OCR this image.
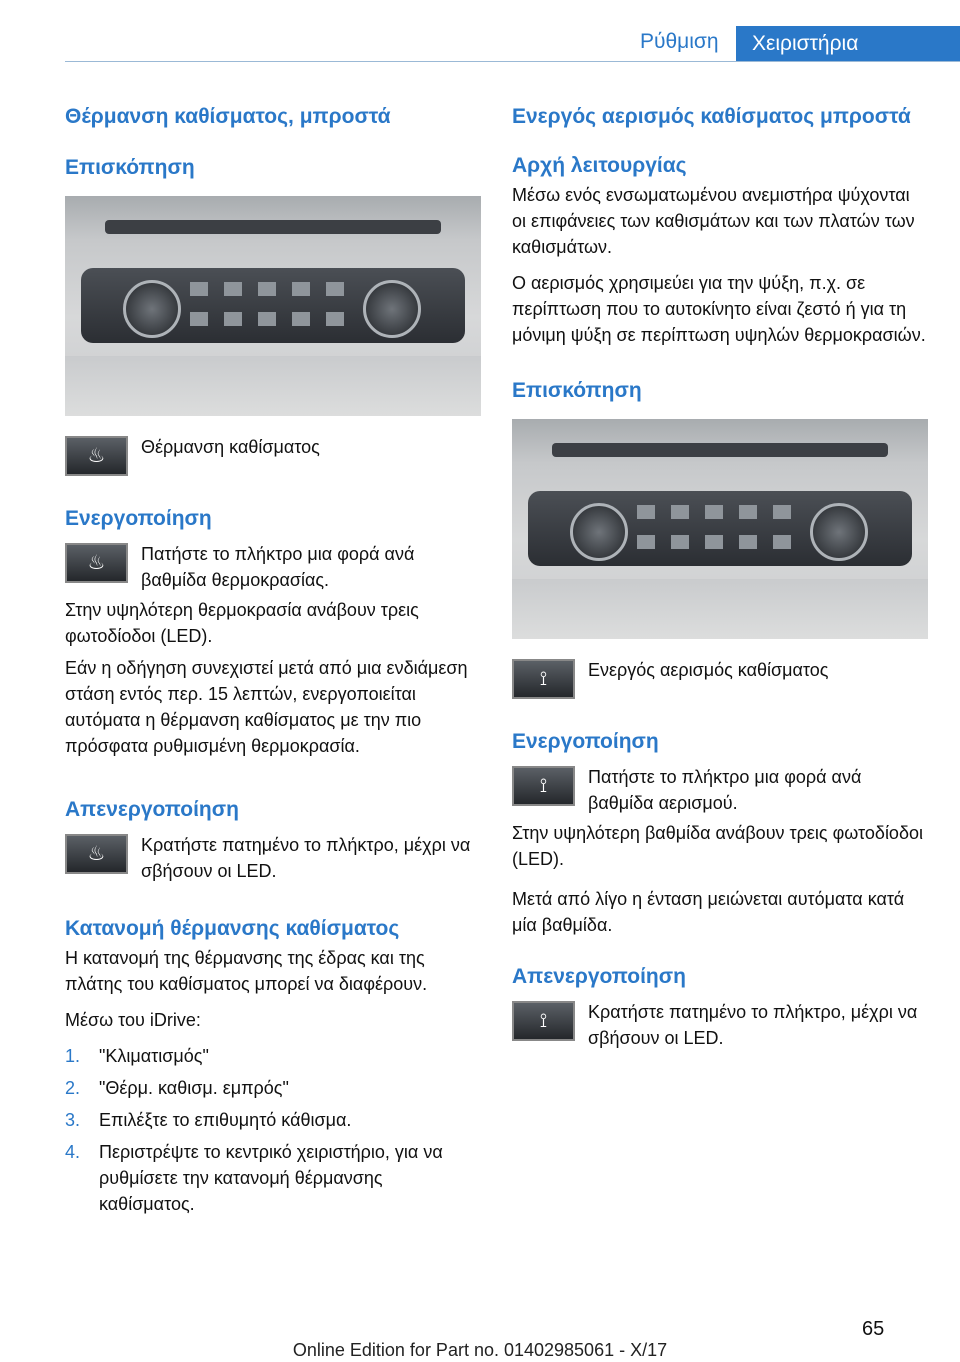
Ρύθμιση	Χειριστήρια
Θέρμανση καθίσματος, μπροστά
Επισκόπηση
♨	Θέρμανση καθίσματος
Ενεργοποίηση
♨	Πατήστε το πλήκτρο μια φορά ανά βαθμίδα θερμοκρασίας.

Στην υψηλότερη θερμοκρασία ανάβουν τρεις φωτοδίοδοι (LED).

Εάν η οδήγηση συνεχιστεί μετά από μια ενδιάμεση στάση εντός περ. 15 λεπτών, ενεργοποιείται αυτόματα η θέρμανση καθίσματος με την πιο πρόσφατα ρυθμισμένη θερμοκρασία.

Απενεργοποίηση
♨	Κρατήστε πατημένο το πλήκτρο, μέχρι να σβήσουν οι LED.
Κατανομή θέρμανσης καθίσματος

Η κατανομή της θέρμανσης της έδρας και της πλάτης του καθίσματος μπορεί να διαφέρουν.

Μέσω του iDrive:

1. "Κλιματισμός"
2. "Θέρμ. καθισμ. εμπρός"
3. Επιλέξτε το επιθυμητό κάθισμα.
4. Περιστρέψτε το κεντρικό χειριστήριο, για να ρυθμίσετε την κατανομή θέρμανσης καθίσματος.
Ενεργός αερισμός καθίσματος μπροστά
Αρχή λειτουργίας

Μέσω ενός ενσωματωμένου ανεμιστήρα ψύχονται οι επιφάνειες των καθισμάτων και των πλατών των καθισμάτων.

Ο αερισμός χρησιμεύει για την ψύξη, π.χ. σε περίπτωση που το αυτοκίνητο είναι ζεστό ή για τη μόνιμη ψύξη σε περίπτωση υψηλών θερμοκρασιών.

Επισκόπηση
⟟	Ενεργός αερισμός καθίσματος
Ενεργοποίηση
⟟	Πατήστε το πλήκτρο μια φορά ανά βαθμίδα αερισμού.

Στην υψηλότερη βαθμίδα ανάβουν τρεις φωτοδίοδοι (LED).

Μετά από λίγο η ένταση μειώνεται αυτόματα κατά μία βαθμίδα.

Απενεργοποίηση
⟟	Κρατήστε πατημένο το πλήκτρο, μέχρι να σβήσουν οι LED.
65
Online Edition for Part no. 01402985061 - X/17
